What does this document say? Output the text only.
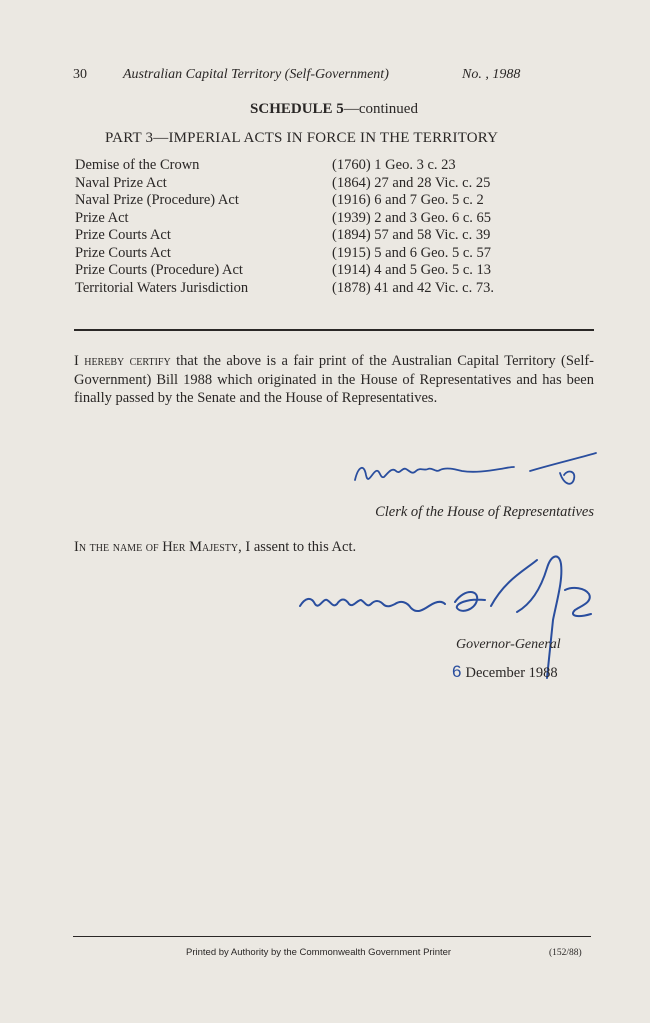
30	Australian Capital Territory (Self-Government)	No. , 1988
SCHEDULE 5—continued
PART 3—IMPERIAL ACTS IN FORCE IN THE TERRITORY
Demise of the Crown	(1760) 1 Geo. 3 c. 23
Naval Prize Act	(1864) 27 and 28 Vic. c. 25
Naval Prize (Procedure) Act	(1916) 6 and 7 Geo. 5 c. 2
Prize Act	(1939) 2 and 3 Geo. 6 c. 65
Prize Courts Act	(1894) 57 and 58 Vic. c. 39
Prize Courts Act	(1915) 5 and 6 Geo. 5 c. 57
Prize Courts (Procedure) Act	(1914) 4 and 5 Geo. 5 c. 13
Territorial Waters Jurisdiction	(1878) 41 and 42 Vic. c. 73.
I hereby certify that the above is a fair print of the Australian Capital Territory (Self-Government) Bill 1988 which originated in the House of Representatives and has been finally passed by the Senate and the House of Representatives.
Clerk of the House of Representatives
In the name of Her Majesty, I assent to this Act.
Governor-General
6 December 1988
Printed by Authority by the Commonwealth Government Printer	(152/88)
